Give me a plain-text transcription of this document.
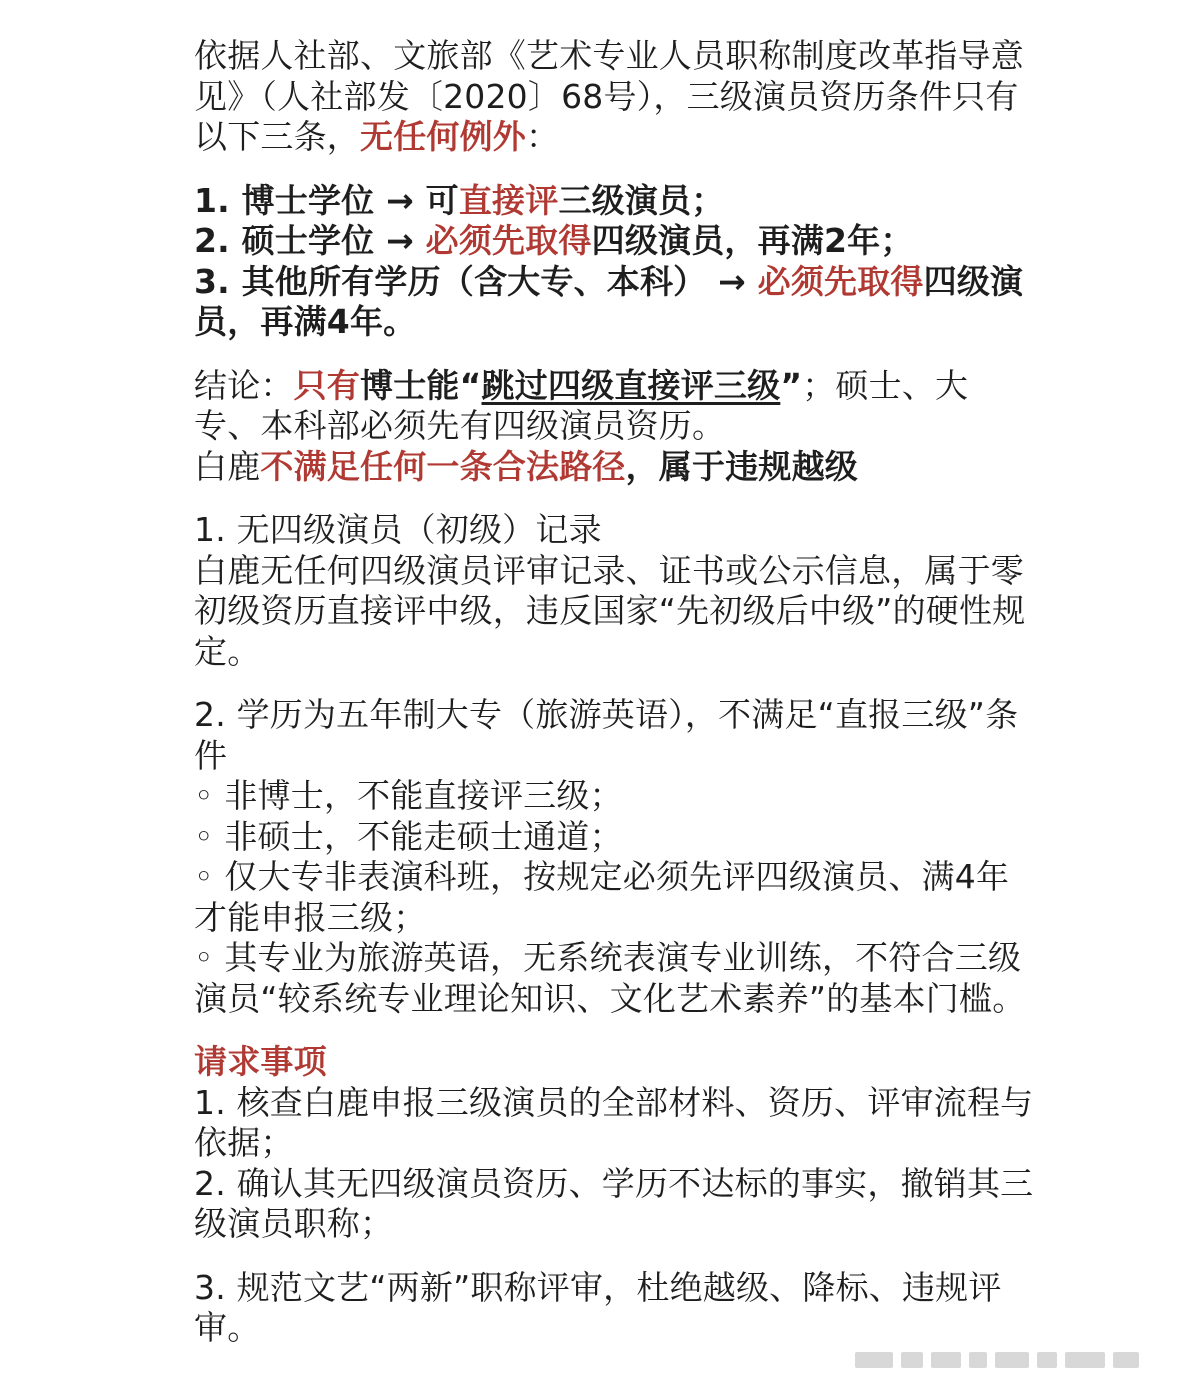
依据人社部、文旅部《艺术专业人员职称制度改革指导意见》（人社部发〔2020〕68号），三级演员资历条件只有以下三条，无任何例外：

1. 博士学位 → 可直接评三级演员；

2. 硕士学位 → 必须先取得四级演员，再满2年；

3. 其他所有学历（含大专、本科） → 必须先取得四级演员，再满4年。

结论：只有博士能“跳过四级直接评三级”；硕士、大专、本科部必须先有四级演员资历。

白鹿不满足任何一条合法路径，属于违规越级

1. 无四级演员（初级）记录

白鹿无任何四级演员评审记录、证书或公示信息，属于零初级资历直接评中级，违反国家“先初级后中级”的硬性规定。

2. 学历为五年制大专（旅游英语），不满足“直报三级”条件

◦ 非博士，不能直接评三级；

◦ 非硕士，不能走硕士通道；

◦ 仅大专非表演科班，按规定必须先评四级演员、满4年才能申报三级；

◦ 其专业为旅游英语，无系统表演专业训练，不符合三级演员“较系统专业理论知识、文化艺术素养”的基本门槛。

请求事项

1. 核查白鹿申报三级演员的全部材料、资历、评审流程与依据；

2. 确认其无四级演员资历、学历不达标的事实，撤销其三级演员职称；

3. 规范文艺“两新”职称评审，杜绝越级、降标、违规评审。
